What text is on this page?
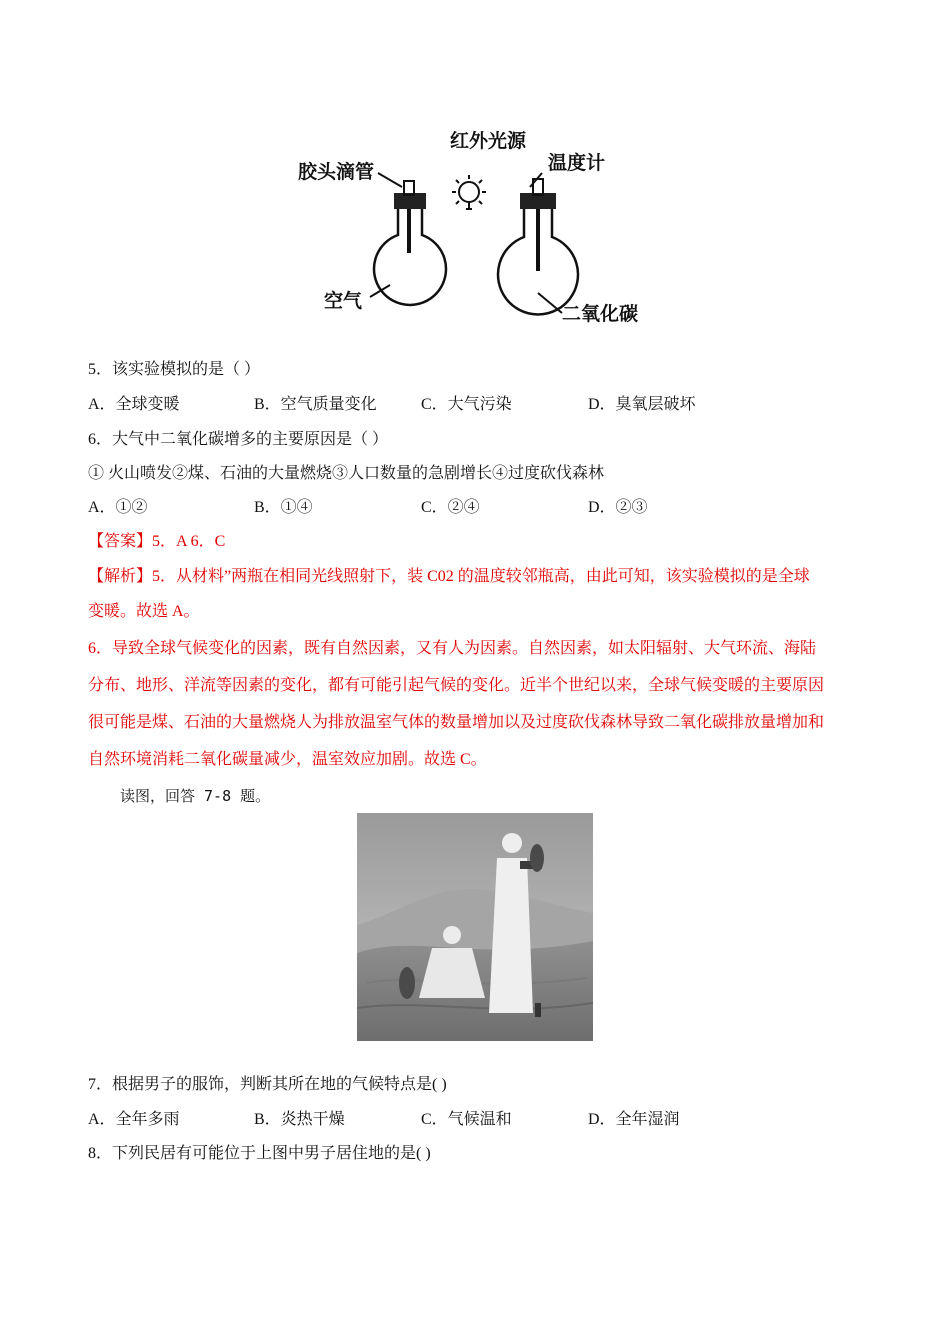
胶头滴管
红外光源
温度计
空气
二氧化碳
5．该实验模拟的是（ ）
A．全球变暖	B．空气质量变化	C．大气污染	D．臭氧层破坏
6．大气中二氧化碳增多的主要原因是（ ）
① 火山喷发②煤、石油的大量燃烧③人口数量的急剧增长④过度砍伐森林
A．①②	B．①④	C．②④	D．②③
【答案】5．A 6．C
【解析】5．从材料”两瓶在相同光线照射下，装 C02 的温度较邻瓶高，由此可知，该实验模拟的是全球
变暖。故选 A。
6．导致全球气候变化的因素，既有自然因素，又有人为因素。自然因素，如太阳辐射、大气环流、海陆
分布、地形、洋流等因素的变化，都有可能引起气候的变化。近半个世纪以来，全球气候变暖的主要原因
很可能是煤、石油的大量燃烧人为排放温室气体的数量增加以及过度砍伐森林导致二氧化碳排放量增加和
自然环境消耗二氧化碳量减少，温室效应加剧。故选 C。
读图，回答 7-8 题。
7．根据男子的服饰，判断其所在地的气候特点是( )
A．全年多雨	B．炎热干燥	C．气候温和	D．全年湿润
8．下列民居有可能位于上图中男子居住地的是( )
